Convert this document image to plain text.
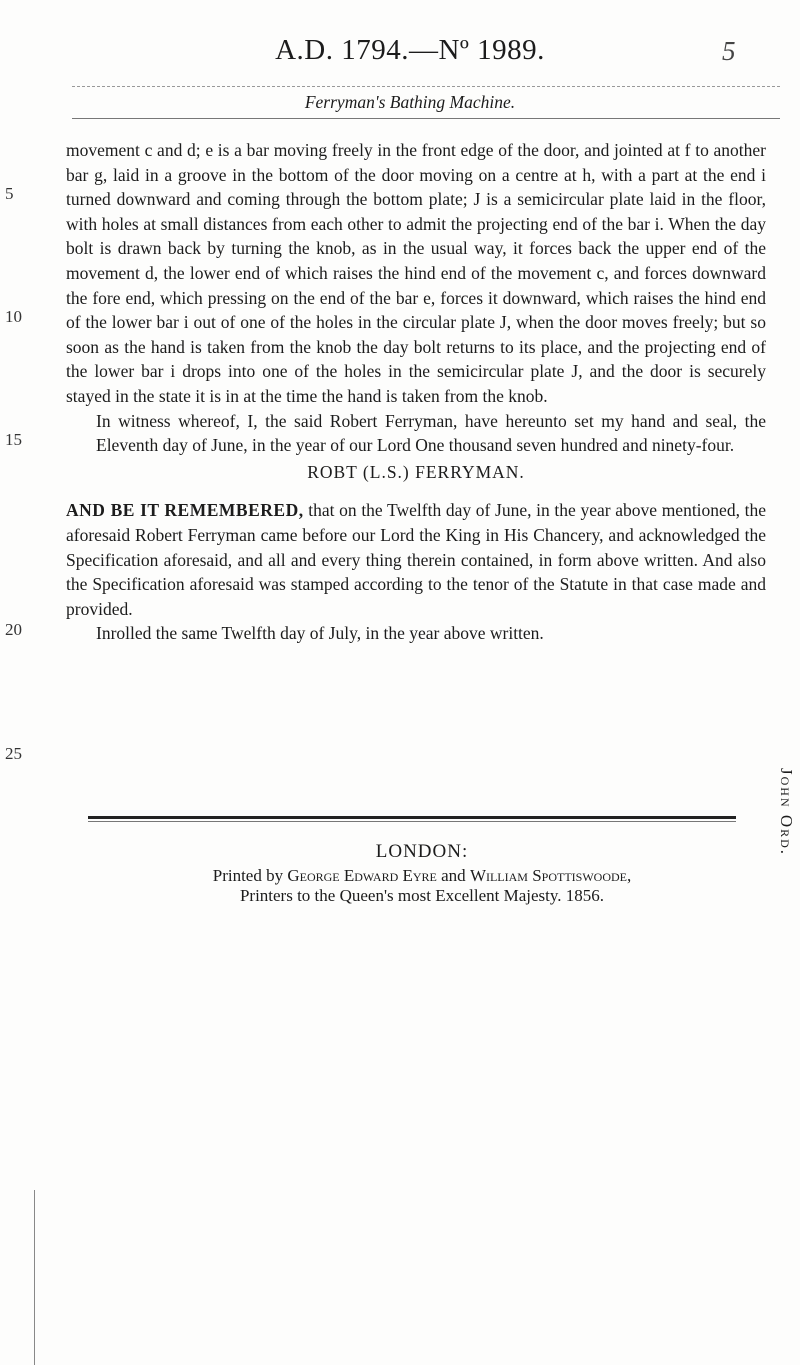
A.D. 1794.—Nº 1989.	5
Ferryman's Bathing Machine.
5
10
15
20
25

movement c and d; e is a bar moving freely in the front edge of the door, and jointed at f to another bar g, laid in a groove in the bottom of the door moving on a centre at h, with a part at the end i turned downward and coming through the bottom plate; J is a semicircular plate laid in the floor, with holes at small distances from each other to admit the projecting end of the bar i. When the day bolt is drawn back by turning the knob, as in the usual way, it forces back the upper end of the movement d, the lower end of which raises the hind end of the movement c, and forces downward the fore end, which pressing on the end of the bar e, forces it downward, which raises the hind end of the lower bar i out of one of the holes in the circular plate J, when the door moves freely; but so soon as the hand is taken from the knob the day bolt returns to its place, and the projecting end of the lower bar i drops into one of the holes in the semicircular plate J, and the door is securely stayed in the state it is in at the time the hand is taken from the knob.

In witness whereof, I, the said Robert Ferryman, have hereunto set my hand and seal, the Eleventh day of June, in the year of our Lord One thousand seven hundred and ninety-four.

ROBT (L.S.) FERRYMAN.

AND BE IT REMEMBERED, that on the Twelfth day of June, in the year above mentioned, the aforesaid Robert Ferryman came before our Lord the King in His Chancery, and acknowledged the Specification aforesaid, and all and every thing therein contained, in form above written. And also the Specification aforesaid was stamped according to the tenor of the Statute in that case made and provided.

Inrolled the same Twelfth day of July, in the year above written.

John Ord.
LONDON:
Printed by George Edward Eyre and William Spottiswoode,
Printers to the Queen's most Excellent Majesty. 1856.
